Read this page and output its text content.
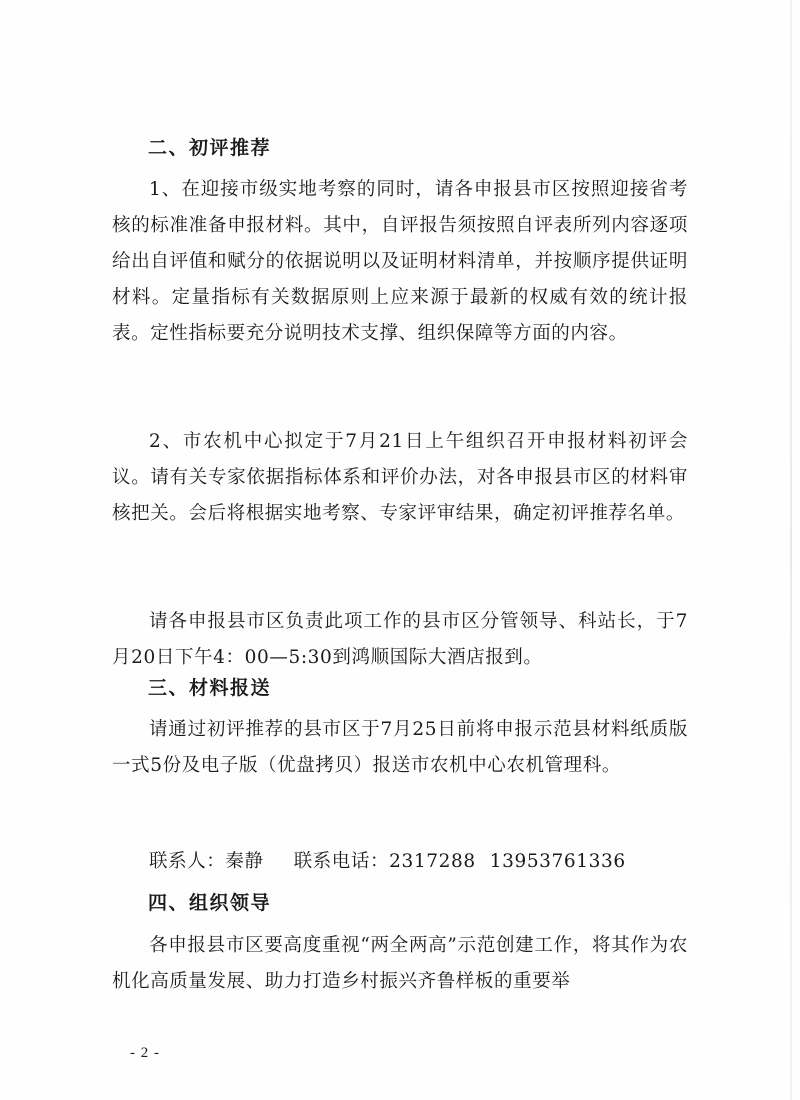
二、初评推荐

1、在迎接市级实地考察的同时，请各申报县市区按照迎接省考核的标准准备申报材料。其中，自评报告须按照自评表所列内容逐项给出自评值和赋分的依据说明以及证明材料清单，并按顺序提供证明材料。定量指标有关数据原则上应来源于最新的权威有效的统计报表。定性指标要充分说明技术支撑、组织保障等方面的内容。

2、市农机中心拟定于7月21日上午组织召开申报材料初评会议。请有关专家依据指标体系和评价办法，对各申报县市区的材料审核把关。会后将根据实地考察、专家评审结果，确定初评推荐名单。

请各申报县市区负责此项工作的县市区分管领导、科站长，于7月20日下午4：00—5:30到鸿顺国际大酒店报到。

三、材料报送

请通过初评推荐的县市区于7月25日前将申报示范县材料纸质版一式5份及电子版（优盘拷贝）报送市农机中心农机管理科。

联系人：秦静 联系电话：2317288 13953761336
四、组织领导

各申报县市区要高度重视“两全两高”示范创建工作，将其作为农机化高质量发展、助力打造乡村振兴齐鲁样板的重要举

- 2 -
